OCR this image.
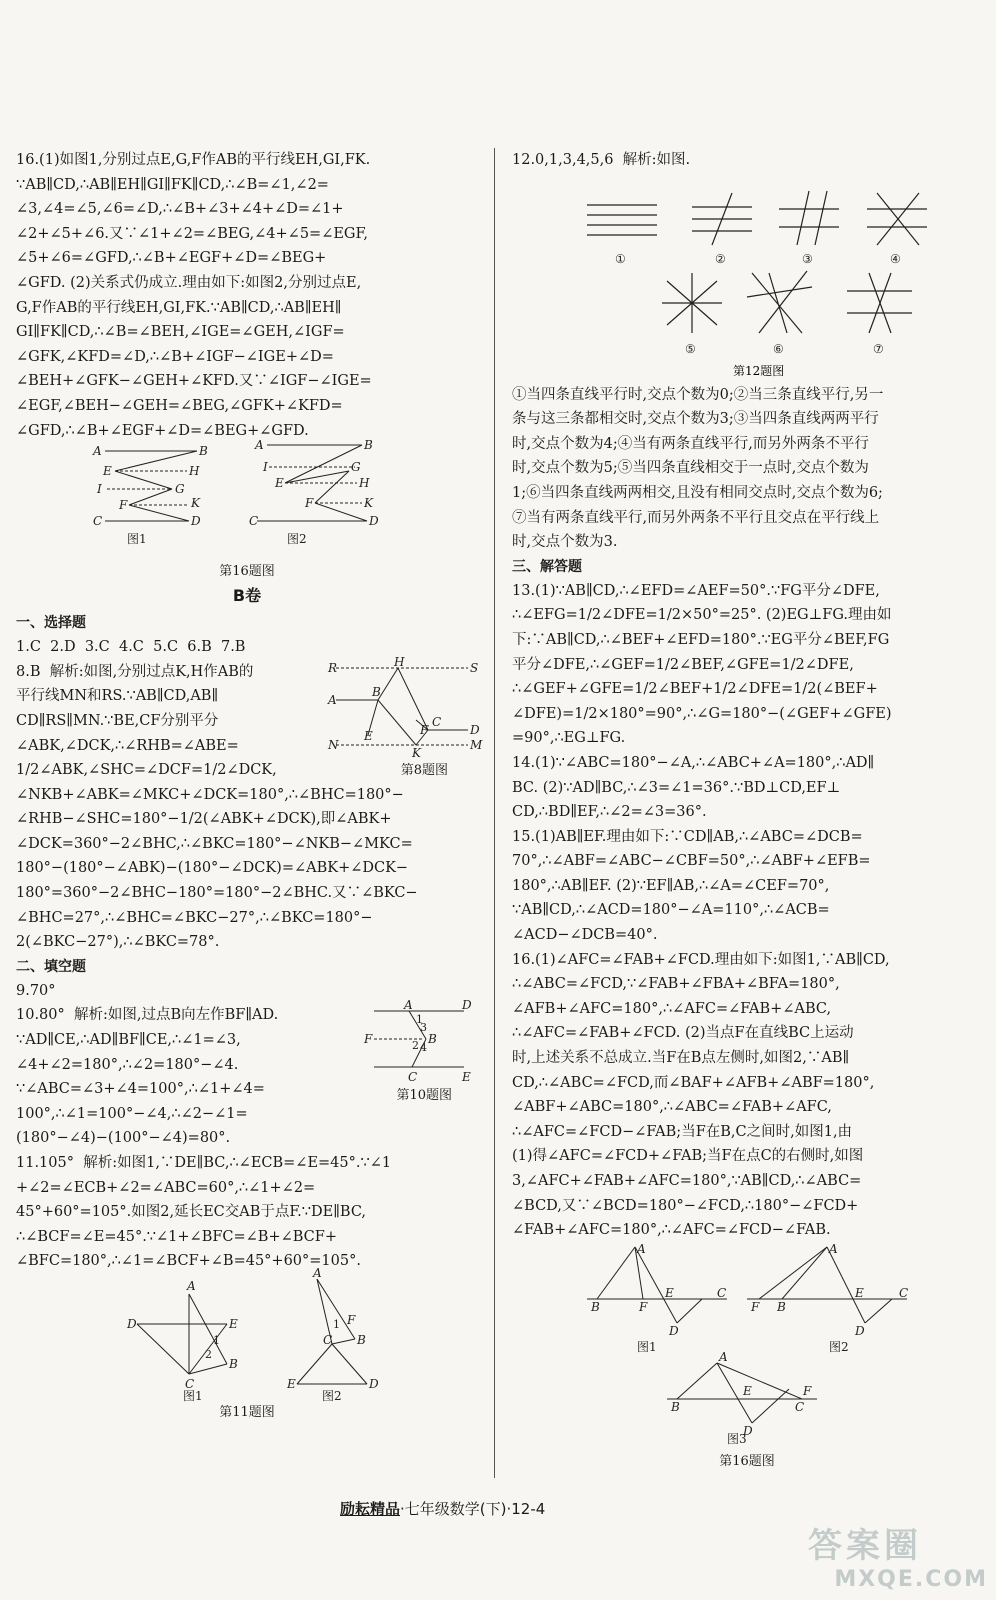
16.(1)如图1,分别过点E,G,F作AB的平行线EH,GI,FK.
∵AB∥CD,∴AB∥EH∥GI∥FK∥CD,∴∠B=∠1,∠2=
∠3,∠4=∠5,∠6=∠D,∴∠B+∠3+∠4+∠D=∠1+
∠2+∠5+∠6.又∵∠1+∠2=∠BEG,∠4+∠5=∠EGF,
∠5+∠6=∠GFD,∴∠B+∠EGF+∠D=∠BEG+
∠GFD. (2)关系式仍成立.理由如下:如图2,分别过点E,
G,F作AB的平行线EH,GI,FK.∵AB∥CD,∴AB∥EH∥
GI∥FK∥CD,∴∠B=∠BEH,∠IGE=∠GEH,∠IGF=
∠GFK,∠KFD=∠D,∴∠B+∠IGF−∠IGE+∠D=
∠BEH+∠GFK−∠GEH+∠KFD.又∵∠IGF−∠IGE=
∠EGF,∠BEH−∠GEH=∠BEG,∠GFK+∠KFD=
∠GFD,∴∠B+∠EGF+∠D=∠BEG+∠GFD.

A	B
E	H
I	G
F	K
C	D
A	B
I	G
E	H
F	K
C	D
图1	图2
第16题图
B卷
一、选择题

1.C  2.D  3.C  4.C  5.C  6.B  7.B

R	S
H
A
B
E
C
D
N
K
M
F

8.B  解析:如图,分别过点K,H作AB的
平行线MN和RS.∵AB∥CD,AB∥
CD∥RS∥MN.∵BE,CF分别平分
∠ABK,∠DCK,∴∠RHB=∠ABE=
1/2∠ABK,∠SHC=∠DCF=1/2∠DCK,
∠NKB+∠ABK=∠MKC+∠DCK=180°,∴∠BHC=180°−
∠RHB−∠SHC=180°−1/2(∠ABK+∠DCK),即∠ABK+
∠DCK=360°−2∠BHC,∴∠BKC=180°−∠NKB−∠MKC=
180°−(180°−∠ABK)−(180°−∠DCK)=∠ABK+∠DCK−
180°=360°−2∠BHC−180°=180°−2∠BHC.又∵∠BKC−
∠BHC=27°,∴∠BHC=∠BKC−27°,∴∠BKC=180°−
2(∠BKC−27°),∴∠BKC=78°.

第8题图
二、填空题

9.70°

A	D
F	B
C	E
1
3
2 4

10.80°  解析:如图,过点B向左作BF∥AD.
∵AD∥CE,∴AD∥BF∥CE,∴∠1=∠3,
∠4+∠2=180°,∴∠2=180°−∠4.
∵∠ABC=∠3+∠4=100°,∴∠1+∠4=
100°,∴∠1=100°−∠4,∴∠2−∠1=
(180°−∠4)−(100°−∠4)=80°.

第10题图

11.105°  解析:如图1,∵DE∥BC,∴∠ECB=∠E=45°.∵∠1
+∠2=∠ECB+∠2=∠ABC=60°,∴∠1+∠2=
45°+60°=105°.如图2,延长EC交AB于点F.∵DE∥BC,
∴∠BCF=∠E=45°.∵∠1+∠BFC=∠B+∠BCF+
∠BFC=180°,∴∠1=∠BCF+∠B=45°+60°=105°.

A
D	E
B
C
1
2
A
F
C B
E	D
1
图1	图2
第11题图

12.0,1,3,4,5,6  解析:如图.

①	②	③	④
⑤	⑥	⑦
第12题图

①当四条直线平行时,交点个数为0;②当三条直线平行,另一
条与这三条都相交时,交点个数为3;③当四条直线两两平行
时,交点个数为4;④当有两条直线平行,而另外两条不平行
时,交点个数为5;⑤当四条直线相交于一点时,交点个数为
1;⑥当四条直线两两相交,且没有相同交点时,交点个数为6;
⑦当有两条直线平行,而另外两条不平行且交点在平行线上
时,交点个数为3.

三、解答题

13.(1)∵AB∥CD,∴∠EFD=∠AEF=50°.∵FG平分∠DFE,
∴∠EFG=1/2∠DFE=1/2×50°=25°. (2)EG⊥FG.理由如
下:∵AB∥CD,∴∠BEF+∠EFD=180°.∵EG平分∠BEF,FG
平分∠DFE,∴∠GEF=1/2∠BEF,∠GFE=1/2∠DFE,
∴∠GEF+∠GFE=1/2∠BEF+1/2∠DFE=1/2(∠BEF+
∠DFE)=1/2×180°=90°,∴∠G=180°−(∠GEF+∠GFE)
=90°,∴EG⊥FG.

14.(1)∵∠ABC=180°−∠A,∴∠ABC+∠A=180°,∴AD∥
BC. (2)∵AD∥BC,∴∠3=∠1=36°.∵BD⊥CD,EF⊥
CD,∴BD∥EF,∴∠2=∠3=36°.

15.(1)AB∥EF.理由如下:∵CD∥AB,∴∠ABC=∠DCB=
70°,∴∠ABF=∠ABC−∠CBF=50°,∴∠ABF+∠EFB=
180°,∴AB∥EF. (2)∵EF∥AB,∴∠A=∠CEF=70°,
∵AB∥CD,∴∠ACD=180°−∠A=110°,∴∠ACB=
∠ACD−∠DCB=40°.

16.(1)∠AFC=∠FAB+∠FCD.理由如下:如图1,∵AB∥CD,
∴∠ABC=∠FCD,∵∠FAB+∠FBA+∠BFA=180°,
∠AFB+∠AFC=180°,∴∠AFC=∠FAB+∠ABC,
∴∠AFC=∠FAB+∠FCD. (2)当点F在直线BC上运动
时,上述关系不总成立.当F在B点左侧时,如图2,∵AB∥
CD,∴∠ABC=∠FCD,而∠BAF+∠AFB+∠ABF=180°,
∠ABF+∠ABC=180°,∴∠ABC=∠FAB+∠AFC,
∴∠AFC=∠FCD−∠FAB;当F在B,C之间时,如图1,由
(1)得∠AFC=∠FCD+∠FAB;当F在点C的右侧时,如图
3,∠AFC+∠FAB+∠AFC=180°,∵AB∥CD,∴∠ABC=
∠BCD,又∵∠BCD=180°−∠FCD,∴180°−∠FCD+
∠FAB+∠AFC=180°,∴∠AFC=∠FCD−∠FAB.

A
B	F
E	C
D
A
F B
E	C
D
A
B
E	F
C
D
图1	图2
图3
第16题图
励耘精品·七年级数学(下)·12-4
答案圈
MXQE.COM
